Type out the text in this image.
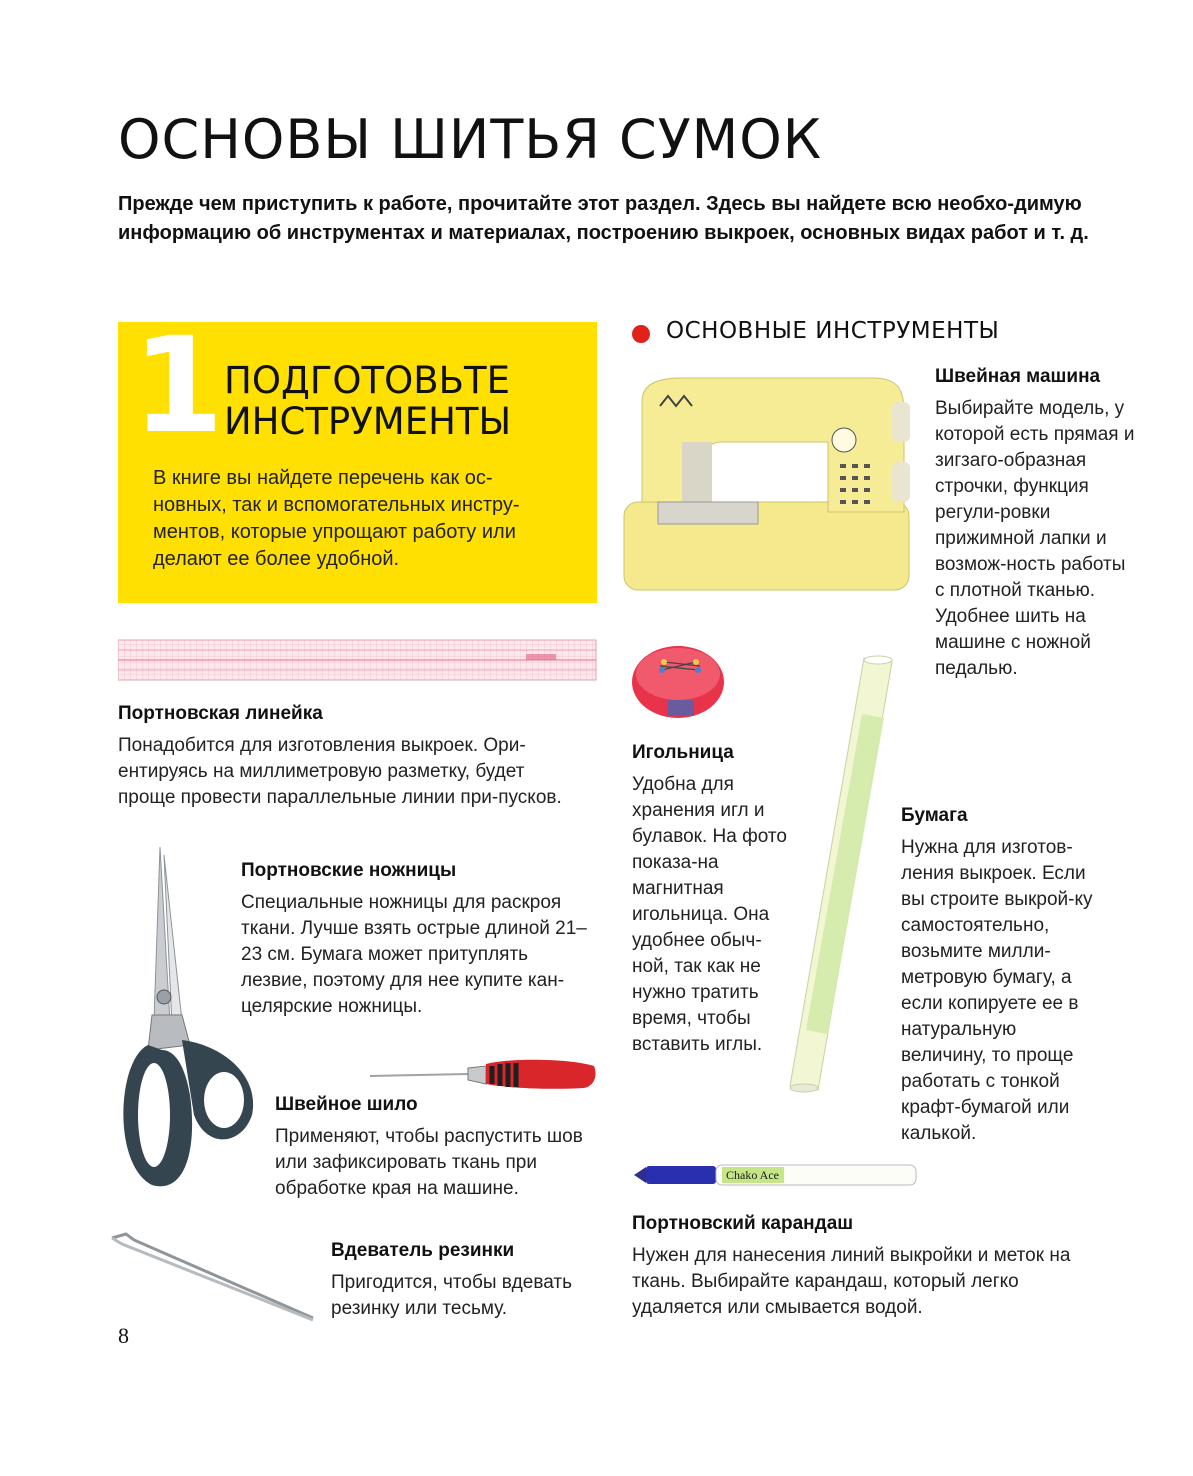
ОСНОВЫ ШИТЬЯ СУМОК
Прежде чем приступить к работе, прочитайте этот раздел. Здесь вы найдете всю необхо-димую информацию об инструментах и материалах, построению выкроек, основных видах работ и т. д.
1 ПОДГОТОВЬТЕ
ИНСТРУМЕНТЫ
В книге вы найдете перечень как ос-новных, так и вспомогательных инстру-ментов, которые упрощают работу или делают ее более удобной.
ОСНОВНЫЕ ИНСТРУМЕНТЫ
Портновская линейка
Понадобится для изготовления выкроек. Ори-ентируясь на миллиметровую разметку, будет проще провести параллельные линии при-пусков.
Портновские ножницы
Специальные ножницы для раскроя ткани. Лучше взять острые длиной 21–23 см. Бумага может притуплять лезвие, поэтому для нее купите кан-целярские ножницы.
Швейное шило
Применяют, чтобы распустить шов или зафиксировать ткань при обработке края на машине.
Вдеватель резинки
Пригодится, чтобы вдевать резинку или тесьму.
Швейная машина
Выбирайте модель, у которой есть прямая и зигзаго-образная строчки, функция регули-ровки прижимной лапки и возмож-ность работы с плотной тканью. Удобнее шить на машине с ножной педалью.
Игольница
Удобна для хранения игл и булавок. На фото показа-на магнитная игольница. Она удобнее обыч-ной, так как не нужно тратить время, чтобы вставить иглы.
Бумага
Нужна для изготов-ления выкроек. Если вы строите выкрой-ку самостоятельно, возьмите милли-метровую бумагу, а если копируете ее в натуральную величину, то проще работать с тонкой крафт-бумагой или калькой.
Chako Ace
Портновский карандаш
Нужен для нанесения линий выкройки и меток на ткань. Выбирайте карандаш, который легко удаляется или смывается водой.
8
